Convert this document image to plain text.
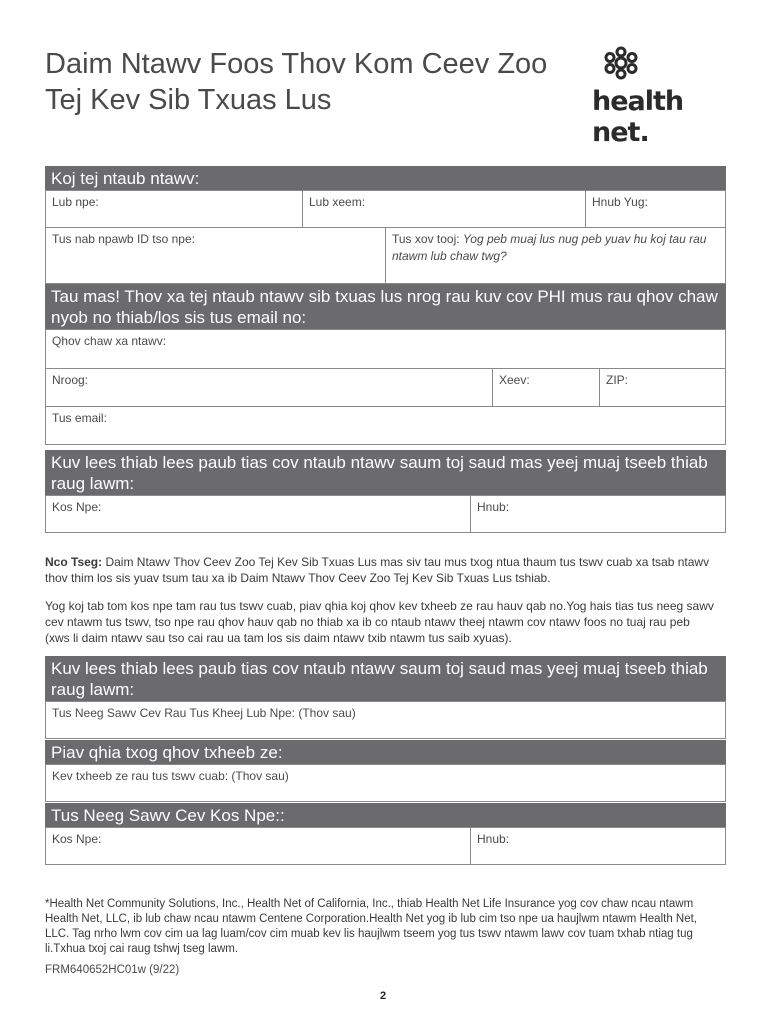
Daim Ntawv Foos Thov Kom Ceev Zoo
Tej Kev Sib Txuas Lus	health net.
Koj tej ntaub ntawv:
Lub npe:	Lub xeem:	Hnub Yug:
Tus nab npawb ID tso npe:	Tus xov tooj: Yog peb muaj lus nug peb yuav hu koj tau rau ntawm lub chaw twg?
Tau mas! Thov xa tej ntaub ntawv sib txuas lus nrog rau kuv cov PHI mus rau qhov chaw nyob no thiab/los sis tus email no:
Qhov chaw xa ntawv:
Nroog:	Xeev:	ZIP:
Tus email:
Kuv lees thiab lees paub tias cov ntaub ntawv saum toj saud mas yeej muaj tseeb thiab raug lawm:
Kos Npe:	Hnub:
Nco Tseg: Daim Ntawv Thov Ceev Zoo Tej Kev Sib Txuas Lus mas siv tau mus txog ntua thaum tus tswv cuab xa tsab ntawv thov thim los sis yuav tsum tau xa ib Daim Ntawv Thov Ceev Zoo Tej Kev Sib Txuas Lus tshiab.
Yog koj tab tom kos npe tam rau tus tswv cuab, piav qhia koj qhov kev txheeb ze rau hauv qab no.Yog hais tias tus neeg sawv cev ntawm tus tswv, tso npe rau qhov hauv qab no thiab xa ib co ntaub ntawv theej ntawm cov ntawv foos no tuaj rau peb (xws li daim ntawv sau tso cai rau ua tam los sis daim ntawv txib ntawm tus saib xyuas).
Kuv lees thiab lees paub tias cov ntaub ntawv saum toj saud mas yeej muaj tseeb thiab raug lawm:
Tus Neeg Sawv Cev Rau Tus Kheej Lub Npe: (Thov sau)
Piav qhia txog qhov txheeb ze:
Kev txheeb ze rau tus tswv cuab: (Thov sau)
Tus Neeg Sawv Cev Kos Npe::
Kos Npe:	Hnub:
*Health Net Community Solutions, Inc., Health Net of California, Inc., thiab Health Net Life Insurance yog cov chaw ncau ntawm Health Net, LLC, ib lub chaw ncau ntawm Centene Corporation.Health Net yog ib lub cim tso npe ua haujlwm ntawm Health Net, LLC. Tag nrho lwm cov cim ua lag luam/cov cim muab kev lis haujlwm tseem yog tus tswv ntawm lawv cov tuam txhab ntiag tug li.Txhua txoj cai raug tshwj tseg lawm.
FRM640652HC01w (9/22)
2
